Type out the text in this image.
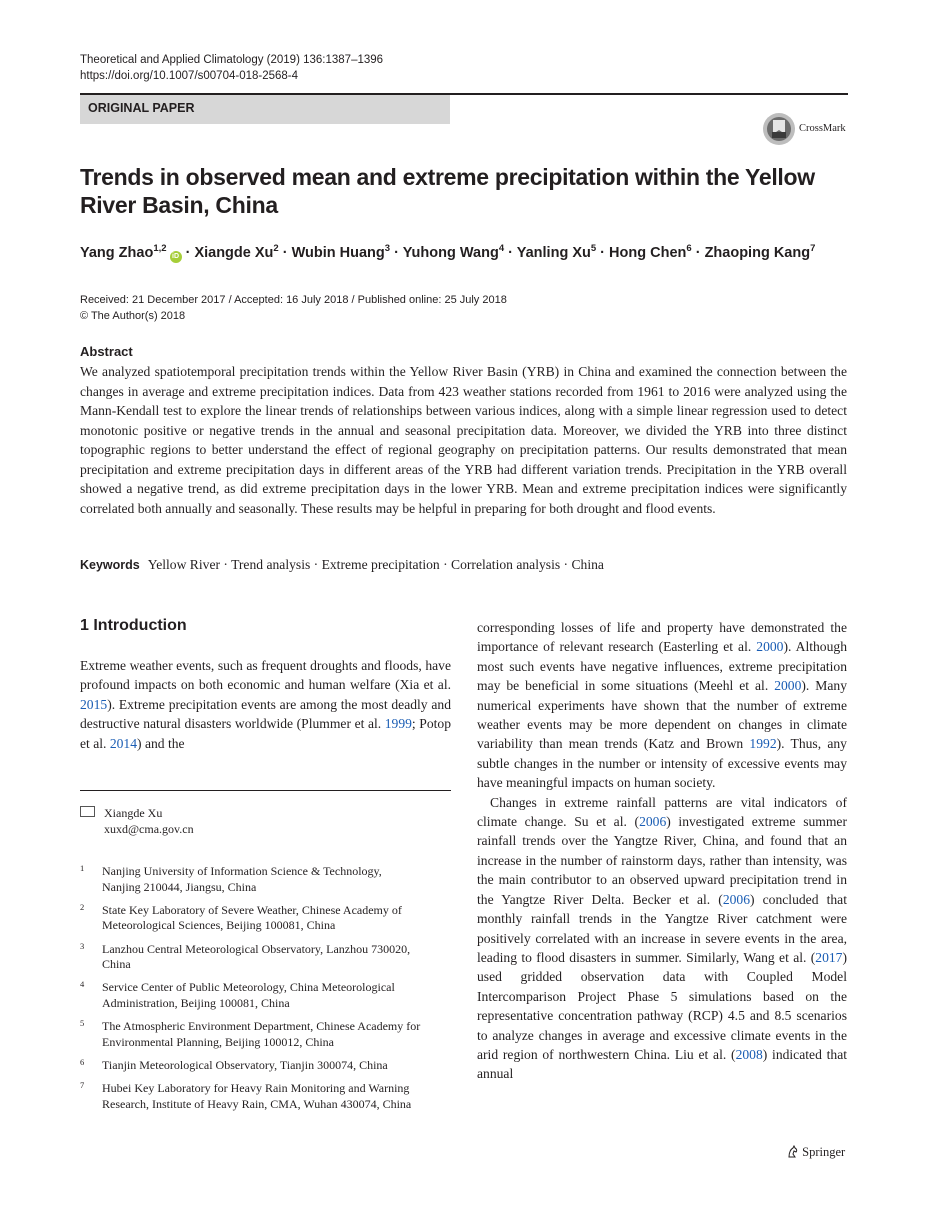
Theoretical and Applied Climatology (2019) 136:1387–1396
https://doi.org/10.1007/s00704-018-2568-4
ORIGINAL PAPER
CrossMark
Trends in observed mean and extreme precipitation within the Yellow River Basin, China
Yang Zhao$^{1,2}$iD · Xiangde $Xu^2$ · Wubin Huang$^3$ · Yuhong Wang$^4$ · Yanling $Xu^5$ · Hong Chen$^6$ · Zhaoping Kang$^7$
Received: 21 December 2017 / Accepted: 16 July 2018 / Published online: 25 July 2018
© The Author(s) 2018
Abstract
We analyzed spatiotemporal precipitation trends within the Yellow River Basin (YRB) in China and examined the connection between the changes in average and extreme precipitation indices. Data from 423 weather stations recorded from 1961 to 2016 were analyzed using the Mann-Kendall test to explore the linear trends of relationships between various indices, along with a simple linear regression used to detect monotonic positive or negative trends in the annual and seasonal precipitation data. Moreover, we divided the YRB into three distinct topographic regions to better understand the effect of regional geography on precipitation patterns. Our results demonstrated that mean precipitation and extreme precipitation days in different areas of the YRB had different variation trends. Precipitation in the YRB overall showed a negative trend, as did extreme precipitation days in the lower YRB. Mean and extreme precipitation indices were significantly correlated both annually and seasonally. These results may be helpful in preparing for both drought and flood events.
Keywords Yellow River · Trend analysis · Extreme precipitation · Correlation analysis · China
1 Introduction

Extreme weather events, such as frequent droughts and floods, have profound impacts on both economic and human welfare (Xia et al. 2015). Extreme precipitation events are among the most deadly and destructive natural disasters worldwide (Plummer et al. 1999; Potop et al. 2014) and the

corresponding losses of life and property have demonstrated the importance of relevant research (Easterling et al. 2000). Although most such events have negative influences, extreme precipitation may be beneficial in some situations (Meehl et al. 2000). Many numerical experiments have shown that the number of extreme weather events may be more dependent on changes in climate variability than mean trends (Katz and Brown 1992). Thus, any subtle changes in the number or intensity of excessive events may have meaningful impacts on human society.

Changes in extreme rainfall patterns are vital indicators of climate change. Su et al. (2006) investigated extreme summer rainfall trends over the Yangtze River, China, and found that an increase in the number of rainstorm days, rather than intensity, was the main contributor to an observed upward precipitation trend in the Yangtze River Delta. Becker et al. (2006) concluded that monthly rainfall trends in the Yangtze River catchment were positively correlated with an increase in severe events in the area, leading to flood disasters in summer. Similarly, Wang et al. (2017) used gridded observation data with Coupled Model Intercomparison Project Phase 5 simulations based on the representative concentration pathway (RCP) 4.5 and 8.5 scenarios to analyze changes in average and excessive climate events in the arid region of northwestern China. Liu et al. (2008) indicated that annual

Xiangde Xu
xuxd@cma.gov.cn
1 Nanjing University of Information Science & Technology,
Nanjing 210044, Jiangsu, China
2 State Key Laboratory of Severe Weather, Chinese Academy of
Meteorological Sciences, Beijing 100081, China
3 Lanzhou Central Meteorological Observatory, Lanzhou 730020,
China
4 Service Center of Public Meteorology, China Meteorological
Administration, Beijing 100081, China
5 The Atmospheric Environment Department, Chinese Academy for
Environmental Planning, Beijing 100012, China
6 Tianjin Meteorological Observatory, Tianjin 300074, China
7 Hubei Key Laboratory for Heavy Rain Monitoring and Warning
Research, Institute of Heavy Rain, CMA, Wuhan 430074, China
Springer
